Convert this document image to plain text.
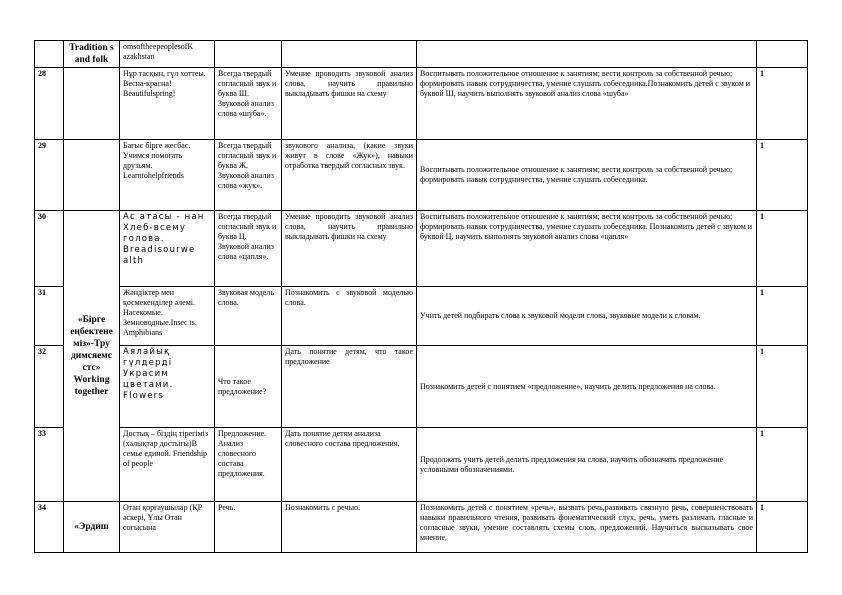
	Tradition s and folk	omsoftheepeoplesofK azakhstan				
28		Нұр тасқын, гүл хоттеы. Весна-красна! Beautifulspring!	Всегда твердый согласный звук и буква Ш. Звуковой анализ слова «шуба».	Умение проводить звуковой анализ слова, научить правильно выкладывать фишки на схему	Воспитывать положительное отношение к занятиям; вести контроль за собственной речью; формировать навык сотрудничества, умение слушать собеседника.Познакомить детей с звуком и буквой Ш, научить выполнять звуковой анализ слова «шуба»	1
29		Бағыс бірге жесбас. Учимся помогать друзьям. Learntohelpfriends	Всегда твердый согласный звук и буква Ж. Звуковой анализ слова «жук».	звукового анализа, (какие звуки живут в слове «Жук»), навыки отработка твердый согласных звук.	Воспитывать положительное отношение к занятиям; вести контроль за собственной речью; формировать навык сотрудничества, умение слушать собеседника.	1
30	«Бірге еңбектене міз»-Тру димсяемс стс» Working together	Ас атасы - нан Хлеб-всему голова. Breadisourwe alth	Всегда твердый согласный звук и буква Ц. Звуковой анализ слова «цапля».	Умение проводить звуковой анализ слова, научить правильно выкладывать фишки на схему	Воспитывать положительное отношение к занятиям; вести контроль за собственной речью; формировать навык сотрудничества, умение слушать собеседника. Познакомить детей с звуком и буквой Ц, научить выполнять звуковой анализ слова «цапля»	1
31		Жәндіктер мен қосмекенділер әлемі. Насекомые. Земноводные.Insec ts. Amphibians	Звуковая модель слова.	Познакомить с звуковой моделью слова.	Учить детей подбирать слова к звуковой модели слова, звуковые модели к словам.	1
32		Аялайық гүлдерді Украсим цветами. Flowers	Что такое предложение?	Дать понятие детям, что такое предложение	Познакомить детей с понятием «предложение», научить делить предложения на слова.	1
33		Достық – біздің тірегіміз (халықтар достығы)В семье единой. Friendship of people	Предложение. Анализ словесного состава предложения.	Дать понятие детям анализа словесного состава предложения.	Продолжать учить детей делить предложения на слова, научить обозначать предложение условными обозначениями.	1
34	«Эрдиш	Отан қорғаушылар (ҚР әскері, Ұлы Отан соғысына	Речь.	Познакомить с речью.	Познакомить детей с понятием «речь», вызвать речь,развивать связную речь, совершенствовать навыки правильного чтения, развивать фонематический слух, речь, уметь различать гласные и согласные звуки, умение составлять схемы слов, предложений. Научиться высказывать свое мнение,	1
